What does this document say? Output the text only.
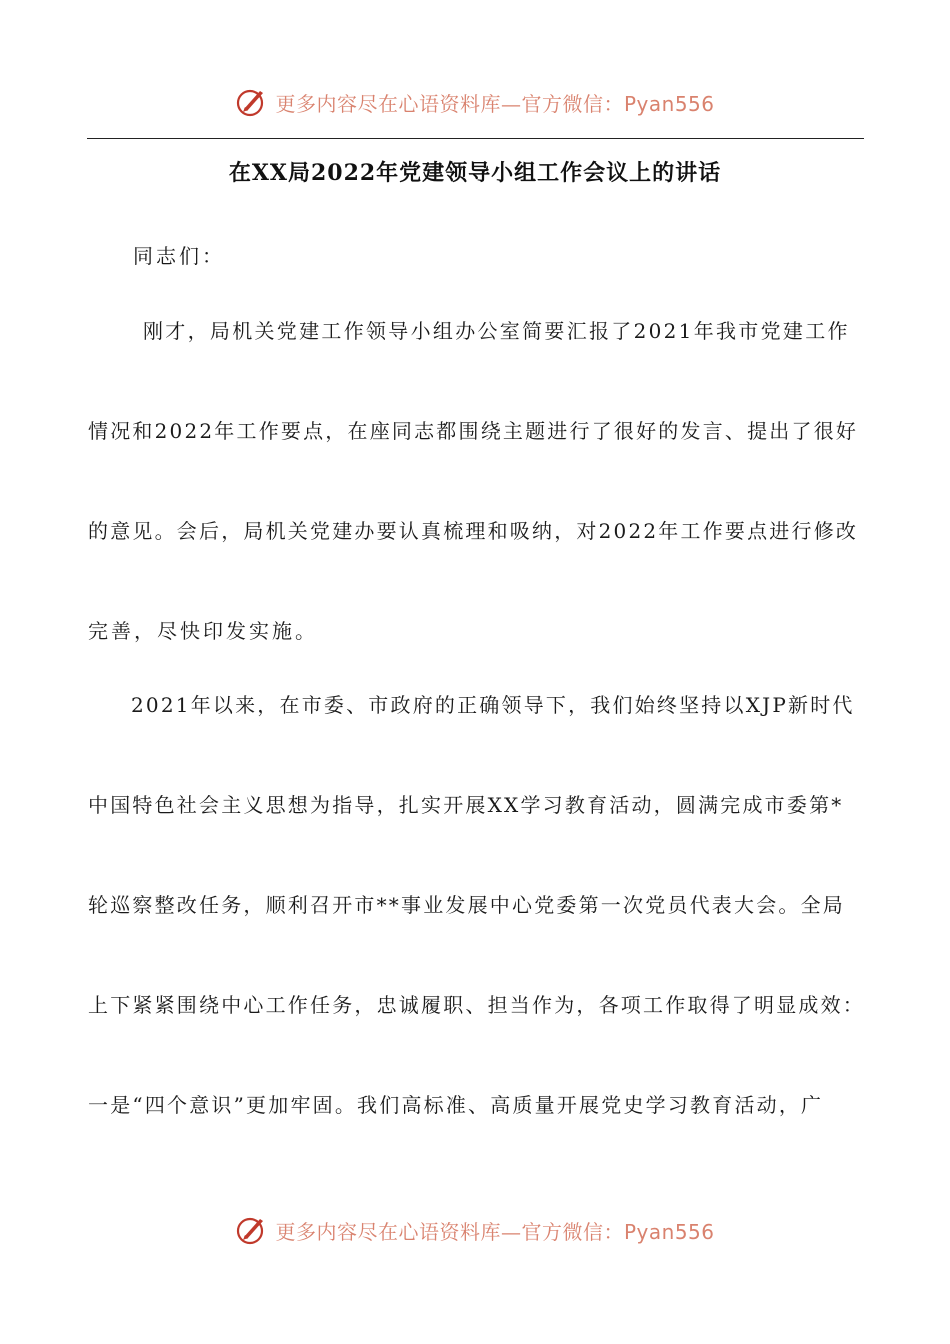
更多内容尽在心语资料库—官方微信：Pyan556
在XX局2022年党建领导小组工作会议上的讲话
同志们：
刚才，局机关党建工作领导小组办公室简要汇报了2021年我市党建工作
情况和2022年工作要点，在座同志都围绕主题进行了很好的发言、提出了很好
的意见。会后，局机关党建办要认真梳理和吸纳，对2022年工作要点进行修改
完善，尽快印发实施。
2021年以来，在市委、市政府的正确领导下，我们始终坚持以XJP新时代
中国特色社会主义思想为指导，扎实开展XX学习教育活动，圆满完成市委第*
轮巡察整改任务，顺利召开市**事业发展中心党委第一次党员代表大会。全局
上下紧紧围绕中心工作任务，忠诚履职、担当作为，各项工作取得了明显成效：
一是“四个意识”更加牢固。我们高标准、高质量开展党史学习教育活动，广
更多内容尽在心语资料库—官方微信：Pyan556
